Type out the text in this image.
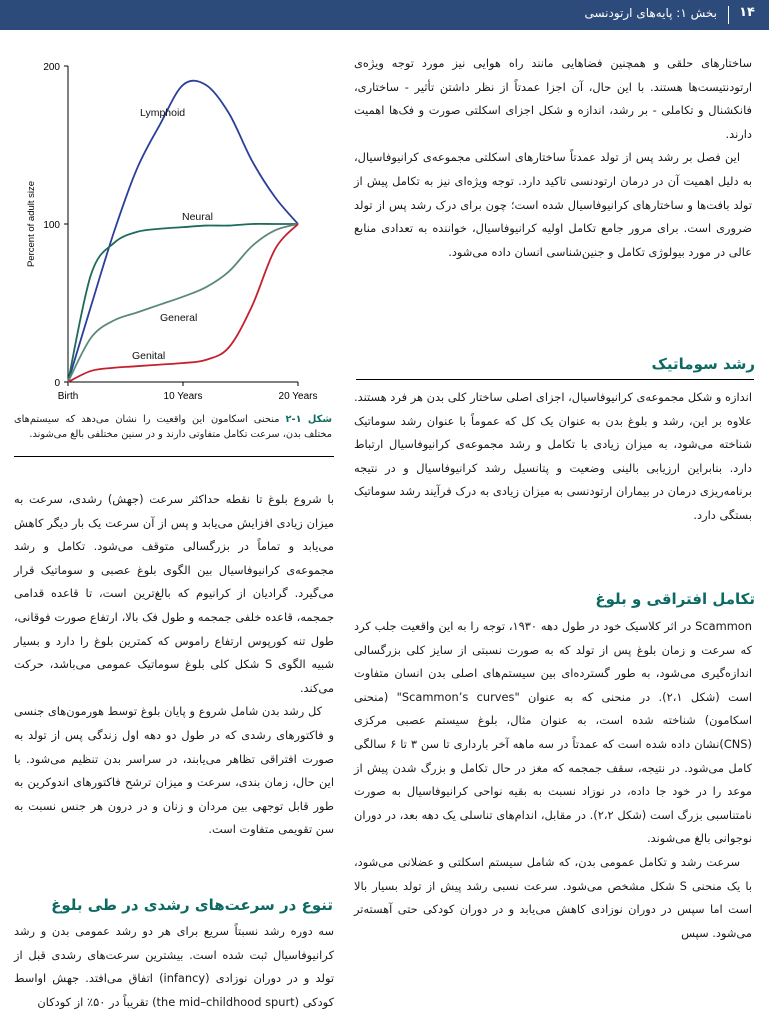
۱۴
بخش ۱: پایه‌های ارتودنسی

ساختارهای حلقی و همچنین فضاهایی مانند راه هوایی نیز مورد توجه ویژه‌ی ارتودنتیست‌ها هستند. با این حال، آن اجزا عمدتاً از نظر داشتن تأثیر - ساختاری، فانکشنال و تکاملی - بر رشد، اندازه و شکل اجزای اسکلتی صورت و فک‌ها اهمیت دارند.

این فصل بر رشد پس از تولد عمدتاً ساختارهای اسکلتی مجموعه‌ی کرانیوفاسیال، به دلیل اهمیت آن در درمان ارتودنسی تاکید دارد. توجه ویژه‌ای نیز به تکامل پیش از تولد بافت‌ها و ساختارهای کرانیوفاسیال شده است؛ چون برای درک رشد پس از تولد ضروری است. برای مرور جامع تکامل اولیه کرانیوفاسیال، خواننده به تعدادی منابع عالی در مورد بیولوژی تکامل و جنین‌شناسی انسان داده می‌شود.

رشد سوماتیک

اندازه و شکل مجموعه‌ی کرانیوفاسیال، اجزای اصلی ساختار کلی بدن هر فرد هستند. علاوه بر این، رشد و بلوغ بدن به عنوان یک کل که عموماً با عنوان رشد سوماتیک شناخته می‌شود، به میزان زیادی با تکامل و رشد مجموعه‌ی کرانیوفاسیال ارتباط دارد. بنابراین ارزیابی بالینی وضعیت و پتانسیل رشد کرانیوفاسیال و در نتیجه برنامه‌ریزی درمان در بیماران ارتودنسی به میزان زیادی به درک فرآیند رشد سوماتیک بستگی دارد.

تکامل افتراقی و بلوغ

Scammon در اثر کلاسیک خود در طول دهه ۱۹۳۰، توجه را به این واقعیت جلب کرد که سرعت و زمان بلوغ پس از تولد که به صورت نسبتی از سایز کلی بزرگسالی اندازه‌گیری می‌شود، به طور گسترده‌ای بین سیستم‌های اصلی بدن انسان متفاوت است (شکل ۲،۱). در منحنی که به عنوان "Scammon’s curves" (منحنی اسکامون) شناخته شده است، به عنوان مثال، بلوغ سیستم عصبی مرکزی (CNS)نشان داده شده است که عمدتاً در سه ماهه آخر بارداری تا سن ۳ تا ۶ سالگی کامل می‌شود. در نتیجه، سقف جمجمه که مغز در حال تکامل و بزرگ شدن پیش از موعد را در خود جا داده، در نوزاد نسبت به بقیه نواحی کرانیوفاسیال به صورت نامتناسبی بزرگ است (شکل ۲،۲). در مقابل، اندام‌های تناسلی یک دهه بعد، در دوران نوجوانی بالغ می‌شوند.

سرعت رشد و تکامل عمومی بدن، که شامل سیستم اسکلتی و عضلانی می‌شود، با یک منحنی S شکل مشخص می‌شود. سرعت نسبی رشد پیش از تولد بسیار بالا است اما سپس در دوران نوزادی کاهش می‌یابد و در دوران کودکی حتی آهسته‌تر می‌شود. سپس

0
100
200
Birth	10 Years	20 Years
Percent of adult size
Lymphoid
Neural
General
Genital
شکل ۱-۲ منحنی اسکامون این واقعیت را نشان می‌دهد که سیستم‌های مختلف بدن، سرعت تکامل متفاوتی دارند و در سنین مختلفی بالغ می‌شوند.

با شروع بلوغ تا نقطه حداکثر سرعت (جهش) رشدی، سرعت به میزان زیادی افزایش می‌یابد و پس از آن سرعت یک بار دیگر کاهش می‌یابد و تماماً در بزرگسالی متوقف می‌شود. تکامل و رشد مجموعه‌ی کرانیوفاسیال بین الگوی بلوغ عصبی و سوماتیک قرار می‌گیرد. گرادیان از کرانیوم که بالغ‌ترین است، تا قاعده قدامی جمجمه، قاعده خلفی جمجمه و طول فک بالا، ارتفاع صورت فوقانی، طول تنه کورپوس ارتفاع راموس که کمترین بلوغ را دارد و بسیار شبیه الگوی S شکل کلی بلوغ سوماتیک عمومی می‌باشد، حرکت می‌کند.

کل رشد بدن شامل شروع و پایان بلوغ توسط هورمون‌های جنسی و فاکتورهای رشدی که در طول دو دهه اول زندگی پس از تولد به صورت افتراقی تظاهر می‌یابند، در سراسر بدن تنظیم می‌شود. با این حال، زمان بندی، سرعت و میزان ترشح فاکتورهای اندوکرین به طور قابل توجهی بین مردان و زنان و در درون هر جنس نسبت به سن تقویمی متفاوت است.

تنوع در سرعت‌های رشدی در طی بلوغ

سه دوره رشد نسبتاً سریع برای هر دو رشد عمومی بدن و رشد کرانیوفاسیال ثبت شده است. بیشترین سرعت‌های رشدی قبل از تولد و در دوران نوزادی (infancy) اتفاق می‌افتد. جهش اواسط کودکی (the mid–childhood spurt) تقریباً در ۵۰٪ از کودکان
